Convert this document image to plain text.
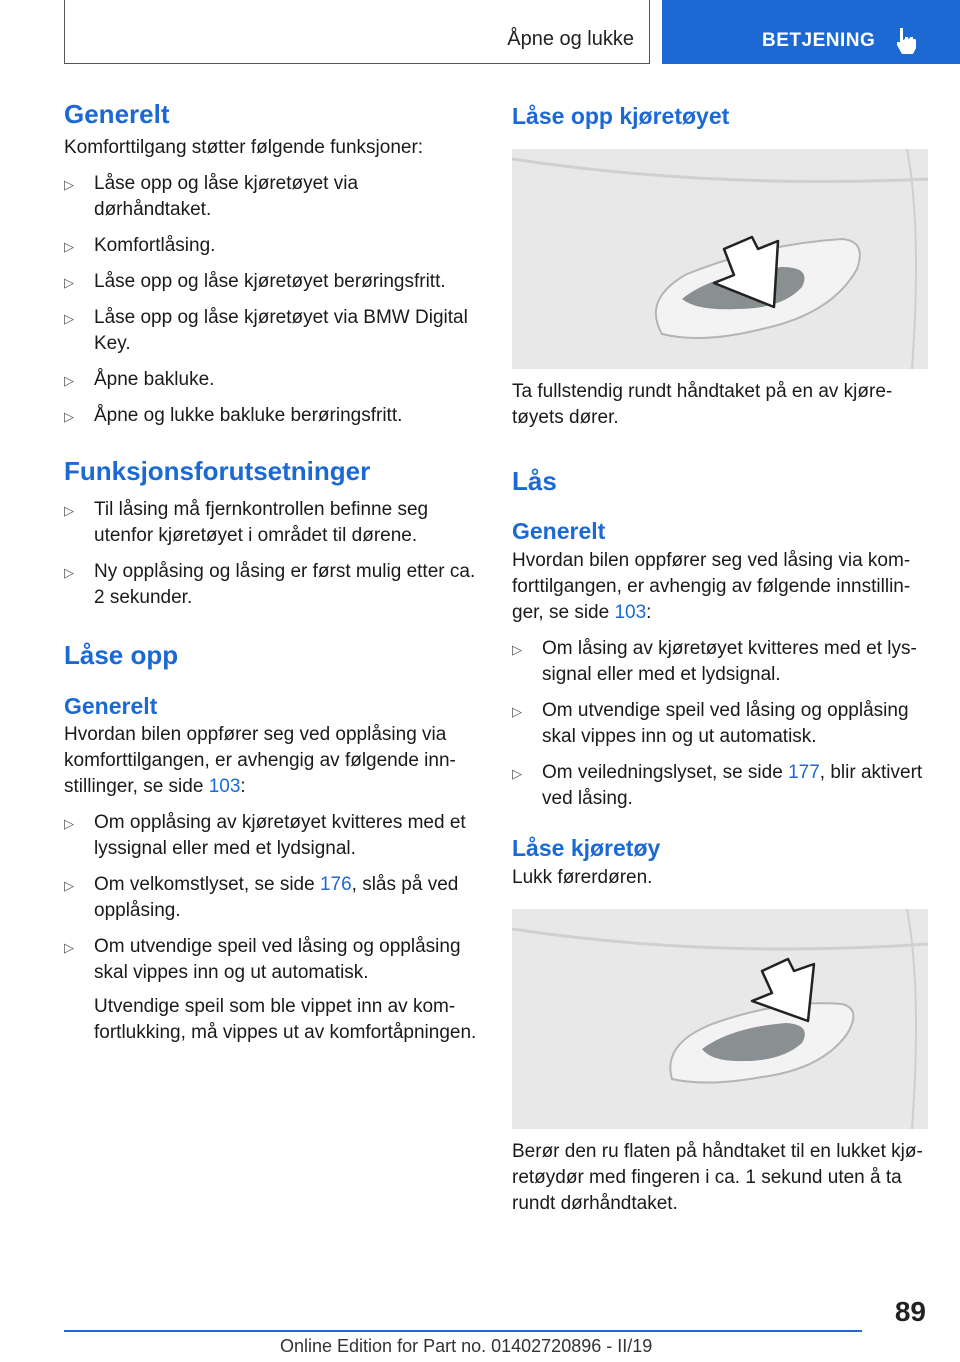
Åpne og lukke	BETJENING
Generelt

Komforttilgang støtter følgende funksjoner:

▷ Låse opp og låse kjøretøyet via dørhåndtaket.
▷ Komfortlåsing.
▷ Låse opp og låse kjøretøyet berøringsfritt.
▷ Låse opp og låse kjøretøyet via BMW Digital Key.
▷ Åpne bakluke.
▷ Åpne og lukke bakluke berøringsfritt.
Funksjonsforutsetninger
▷ Til låsing må fjernkontrollen befinne seg utenfor kjøretøyet i området til dørene.
▷ Ny opplåsing og låsing er først mulig etter ca. 2 sekunder.
Låse opp
Generelt

Hvordan bilen oppfører seg ved opplåsing via komforttilgangen, er avhengig av følgende innstillinger, se side 103:

▷ Om opplåsing av kjøretøyet kvitteres med et lyssignal eller med et lydsignal.
▷ Om velkomstlyset, se side 176, slås på ved opplåsing.
▷ Om utvendige speil ved låsing og opplåsing skal vippes inn og ut automatisk.
Utvendige speil som ble vippet inn av komfortlukking, må vippes ut av komfortåpningen.
Låse opp kjøretøyet

Ta fullstendig rundt håndtaket på en av kjøretøyets dører.

Lås
Generelt

Hvordan bilen oppfører seg ved låsing via komforttilgangen, er avhengig av følgende innstillinger, se side 103:

▷ Om låsing av kjøretøyet kvitteres med et lyssignal eller med et lydsignal.
▷ Om utvendige speil ved låsing og opplåsing skal vippes inn og ut automatisk.
▷ Om veiledningslyset, se side 177, blir aktivert ved låsing.
Låse kjøretøy

Lukk førerdøren.

Berør den ru flaten på håndtaket til en lukket kjøretøydør med fingeren i ca. 1 sekund uten å ta rundt dørhåndtaket.

89
Online Edition for Part no. 01402720896 - II/19
